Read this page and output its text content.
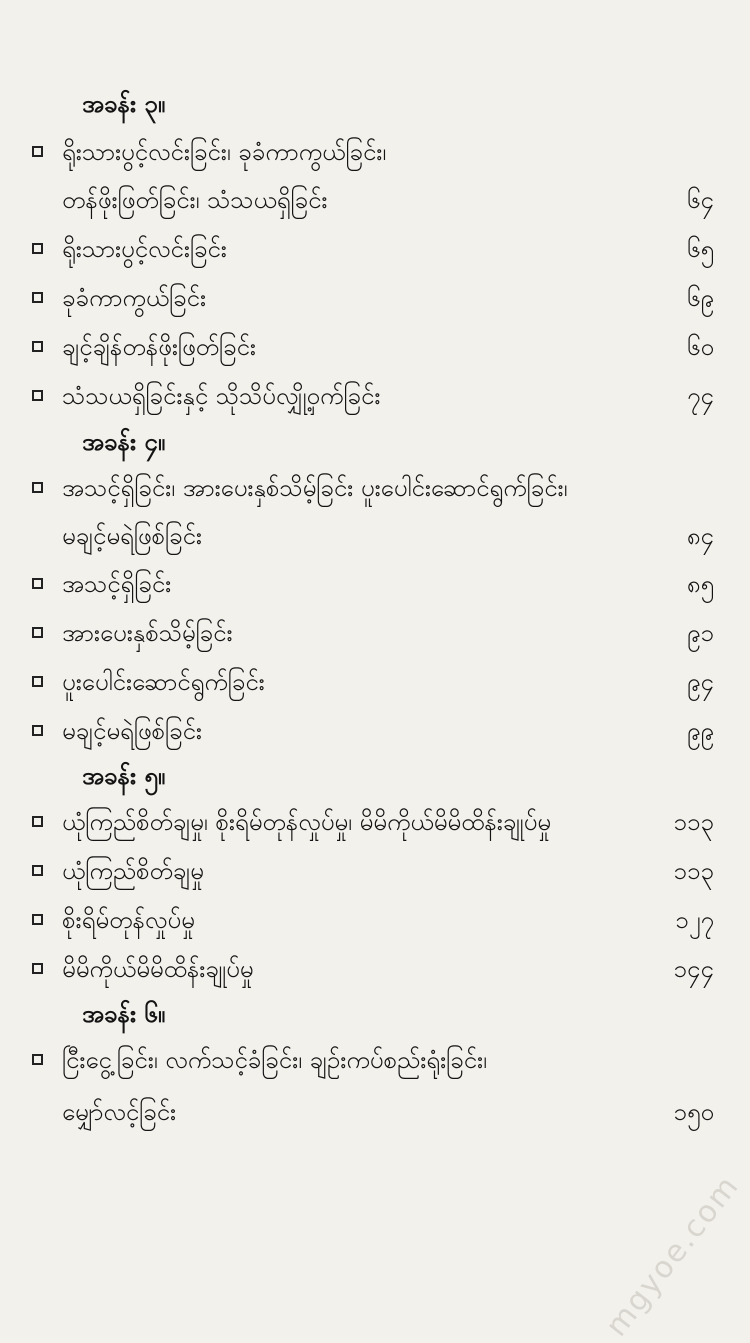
အခန်း ၃။
ရိုးသားပွင့်လင်းခြင်း၊ ခုခံကာကွယ်ခြင်း၊
တန်ဖိုးဖြတ်ခြင်း၊ သံသယရှိခြင်း	၆၄
ရိုးသားပွင့်လင်းခြင်း	၆၅
ခုခံကာကွယ်ခြင်း	၆၉
ချင့်ချိန်တန်ဖိုးဖြတ်ခြင်း	၆၀
သံသယရှိခြင်းနှင့် သိုသိပ်လျှို့ဝှက်ခြင်း	၇၄
အခန်း ၄။
အသင့်ရှိခြင်း၊ အားပေးနှစ်သိမ့်ခြင်း ပူးပေါင်းဆောင်ရွက်ခြင်း၊
မချင့်မရဲဖြစ်ခြင်း	၈၄
အသင့်ရှိခြင်း	၈၅
အားပေးနှစ်သိမ့်ခြင်း	၉၁
ပူးပေါင်းဆောင်ရွက်ခြင်း	၉၄
မချင့်မရဲဖြစ်ခြင်း	၉၉
အခန်း ၅။
ယုံကြည်စိတ်ချမှု၊ စိုးရိမ်တုန်လှုပ်မှု၊ မိမိကိုယ်မိမိထိန်းချုပ်မှု	၁၁၃
ယုံကြည်စိတ်ချမှု	၁၁၃
စိုးရိမ်တုန်လှုပ်မှု	၁၂၇
မိမိကိုယ်မိမိထိန်းချုပ်မှု	၁၄၄
အခန်း ၆။
ငြီးငွေ့ခြင်း၊ လက်သင့်ခံခြင်း၊ ချဉ်းကပ်စည်းရုံးခြင်း၊
မျှော်လင့်ခြင်း	၁၅၀
mgyoe.com
